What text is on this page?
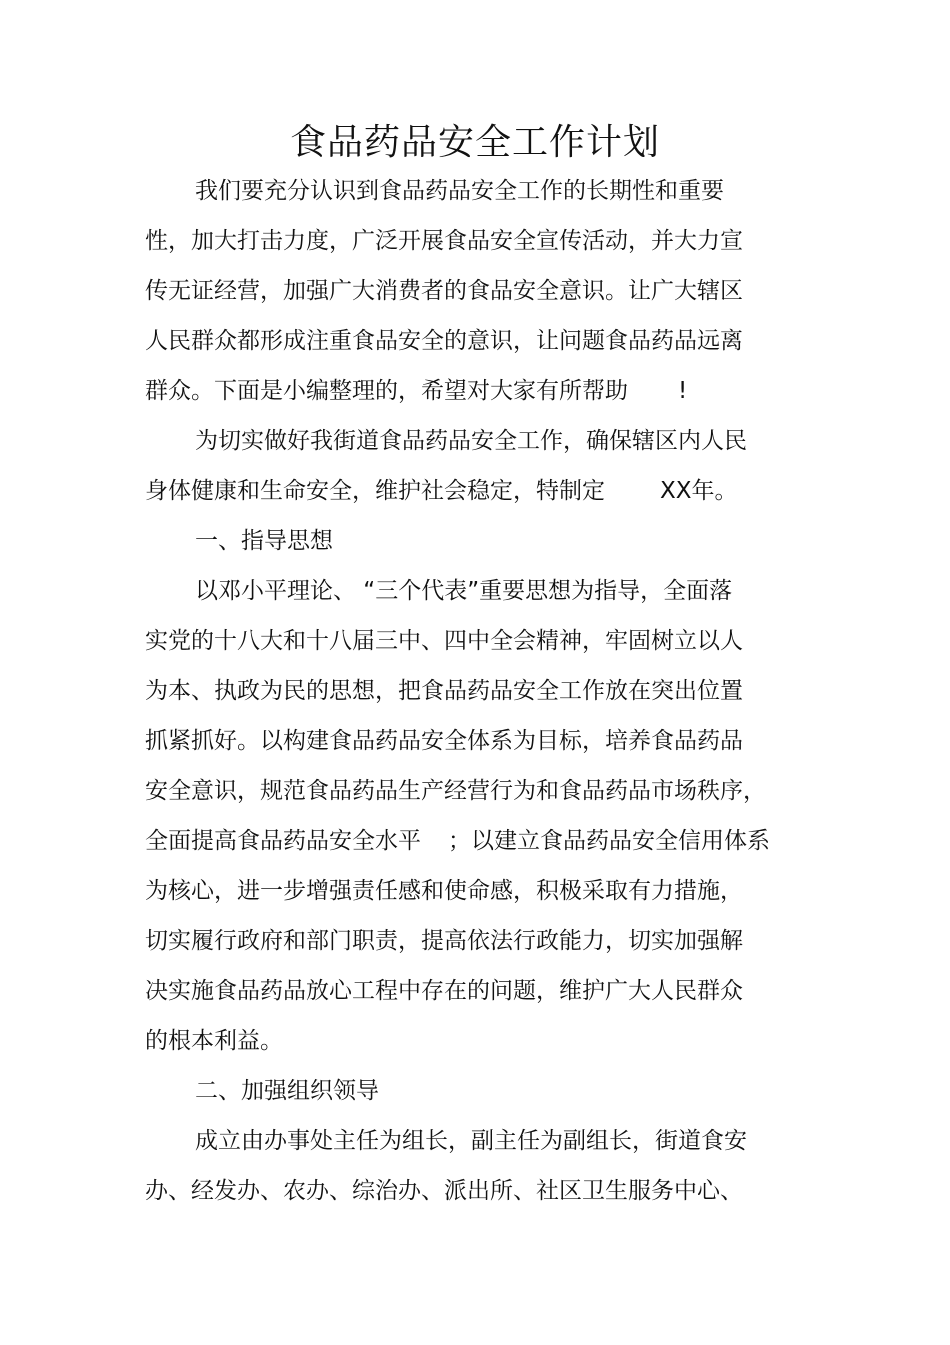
食品药品安全工作计划
我们要充分认识到食品药品安全工作的长期性和重要
性，加大打击力度，广泛开展食品安全宣传活动，并大力宣
传无证经营，加强广大消费者的食品安全意识。让广大辖区
人民群众都形成注重食品安全的意识，让问题食品药品远离
群众。下面是小编整理的，希望对大家有所帮助 !
为切实做好我街道食品药品安全工作，确保辖区内人民
身体健康和生命安全，维护社会稳定，特制定 XX年。
一、指导思想
以邓小平理论、 “三个代表”重要思想为指导，全面落
实党的十八大和十八届三中、四中全会精神，牢固树立以人
为本、执政为民的思想，把食品药品安全工作放在突出位置
抓紧抓好。以构建食品药品安全体系为目标，培养食品药品
安全意识，规范食品药品生产经营行为和食品药品市场秩序，
全面提高食品药品安全水平 ；以建立食品药品安全信用体系
为核心，进一步增强责任感和使命感，积极采取有力措施，
切实履行政府和部门职责，提高依法行政能力，切实加强解
决实施食品药品放心工程中存在的问题，维护广大人民群众
的根本利益。
二、加强组织领导
成立由办事处主任为组长，副主任为副组长，街道食安
办、经发办、农办、综治办、派出所、社区卫生服务中心、
